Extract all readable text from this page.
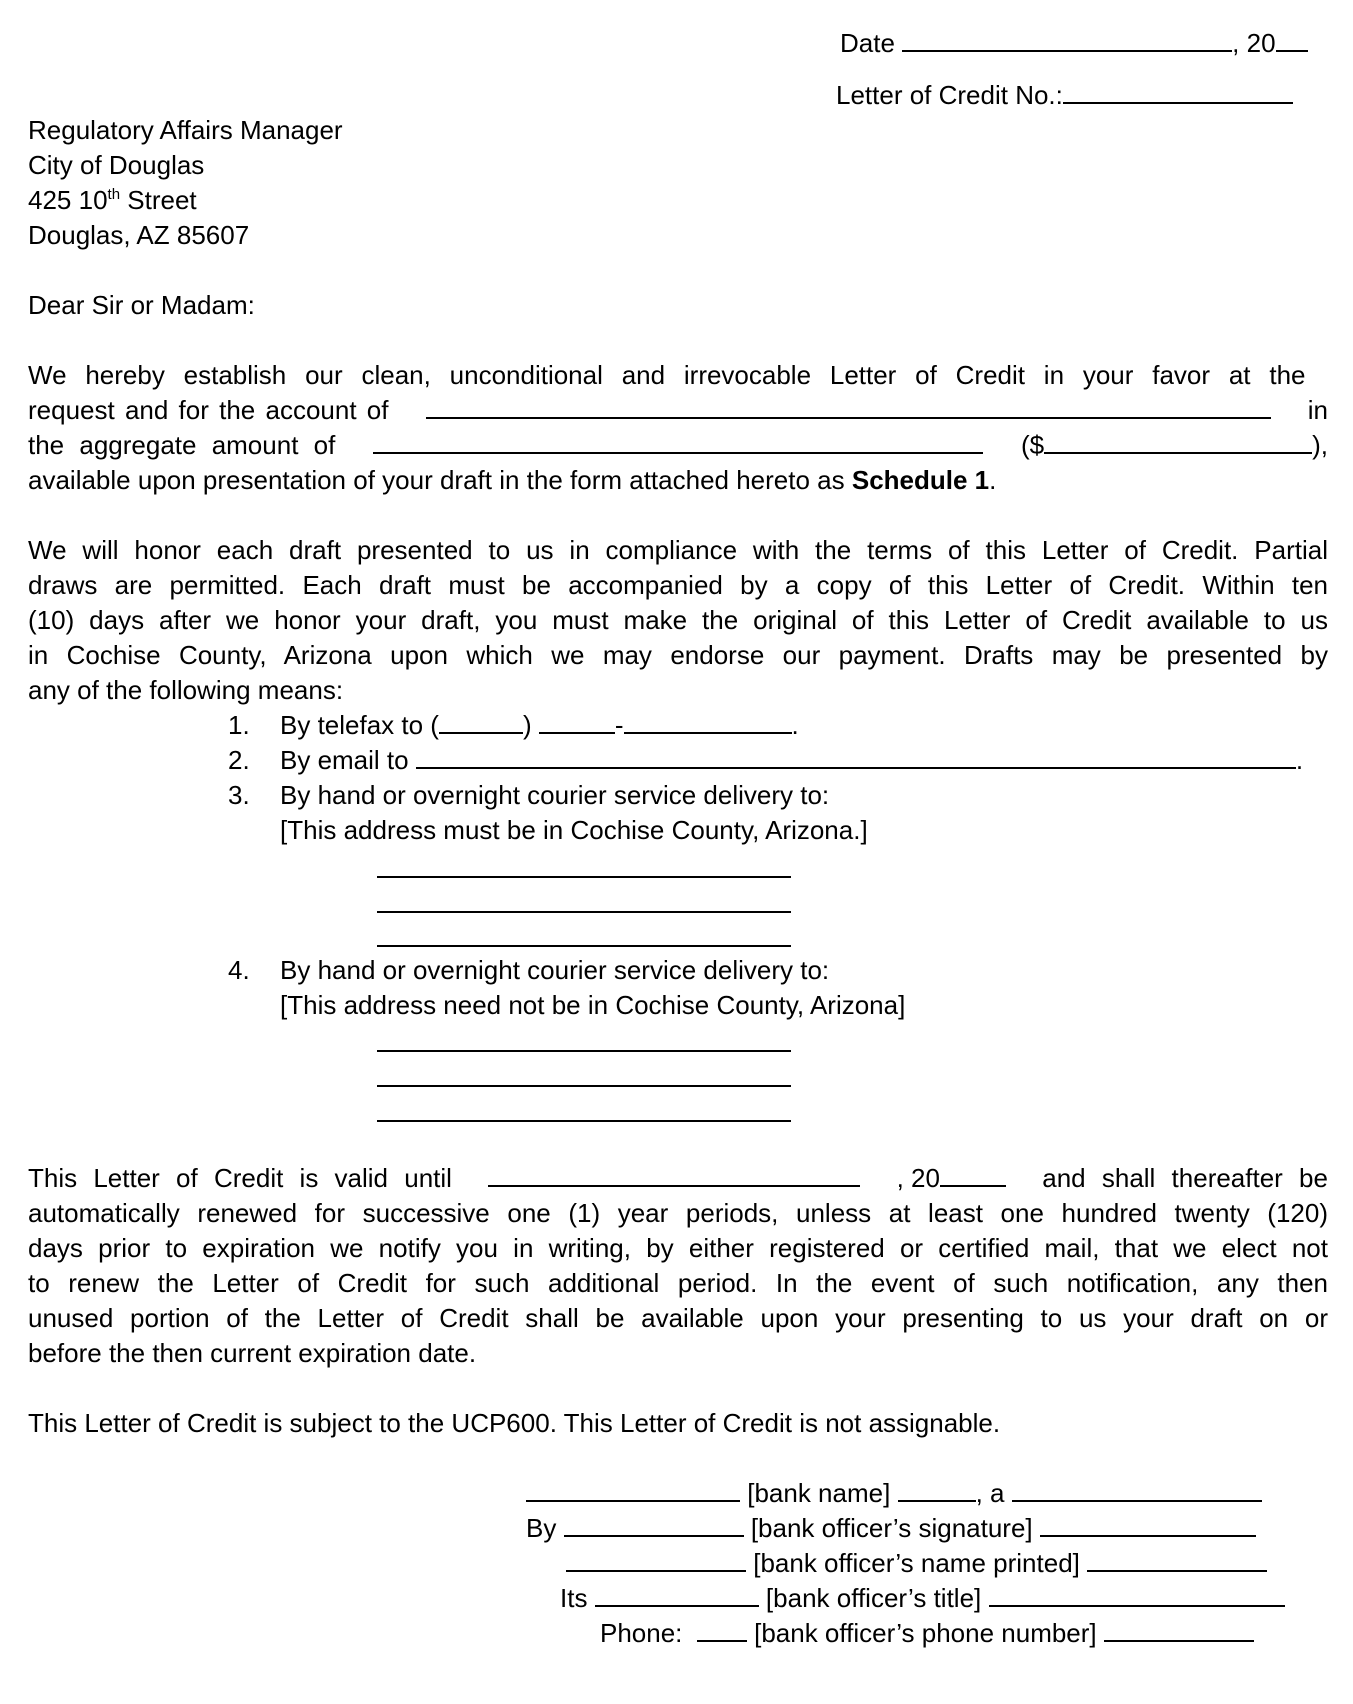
Date	, 20
Letter of Credit No.:
Regulatory Affairs Manager
City of Douglas
425 10th Street
Douglas, AZ 85607
Dear Sir or Madam:
We hereby establish our clean, unconditional and irrevocable Letter of Credit in your favor at the
request and for the account of	in
the aggregate amount of	($	),
available upon presentation of your draft in the form attached hereto as Schedule 1.
We will honor each draft presented to us in compliance with the terms of this Letter of Credit. Partial
draws are permitted. Each draft must be accompanied by a copy of this Letter of Credit. Within ten
(10) days after we honor your draft, you must make the original of this Letter of Credit available to us
in Cochise County, Arizona upon which we may endorse our payment. Drafts may be presented by
any of the following means:
1. By telefax to (	)	-	.
2. By email to	.
3. By hand or overnight courier service delivery to:
[This address must be in Cochise County, Arizona.]
4. By hand or overnight courier service delivery to:
[This address need not be in Cochise County, Arizona]
This Letter of Credit is valid until	, 20	and shall thereafter be
automatically renewed for successive one (1) year periods, unless at least one hundred twenty (120)
days prior to expiration we notify you in writing, by either registered or certified mail, that we elect not
to renew the Letter of Credit for such additional period. In the event of such notification, any then
unused portion of the Letter of Credit shall be available upon your presenting to us your draft on or
before the then current expiration date.
This Letter of Credit is subject to the UCP600. This Letter of Credit is not assignable.
[bank name]	, a
By	[bank officer’s signature]
[bank officer’s name printed]
Its	[bank officer’s title]
Phone:	[bank officer’s phone number]
